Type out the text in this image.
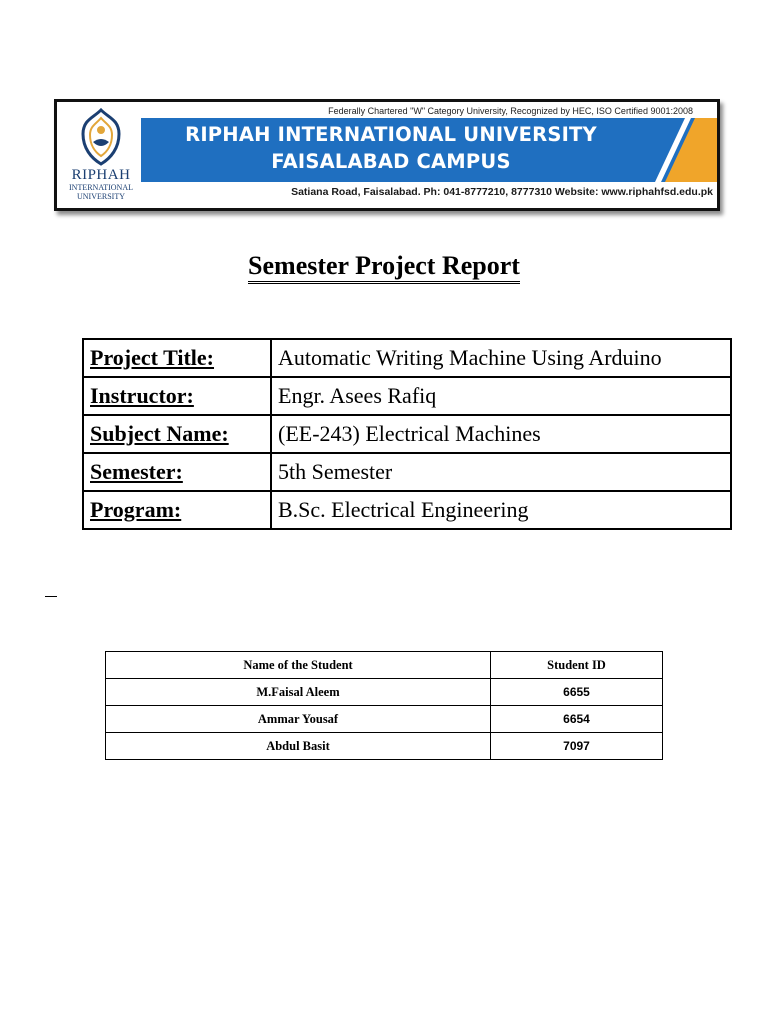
RIPHAH
INTERNATIONAL
UNIVERSITY
Federally Chartered "W" Category University, Recognized by HEC, ISO Certified 9001:2008
RIPHAH INTERNATIONAL UNIVERSITY
FAISALABAD CAMPUS
Satiana Road, Faisalabad. Ph: 041-8777210, 8777310 Website: www.riphahfsd.edu.pk
Semester Project Report
Project Title:	Automatic Writing Machine Using Arduino
Instructor:	Engr. Asees Rafiq
Subject Name:	(EE-243) Electrical Machines
Semester:	5th Semester
Program:	B.Sc. Electrical Engineering
Name of the Student	Student ID
M.Faisal Aleem	6655
Ammar Yousaf	6654
Abdul Basit	7097
